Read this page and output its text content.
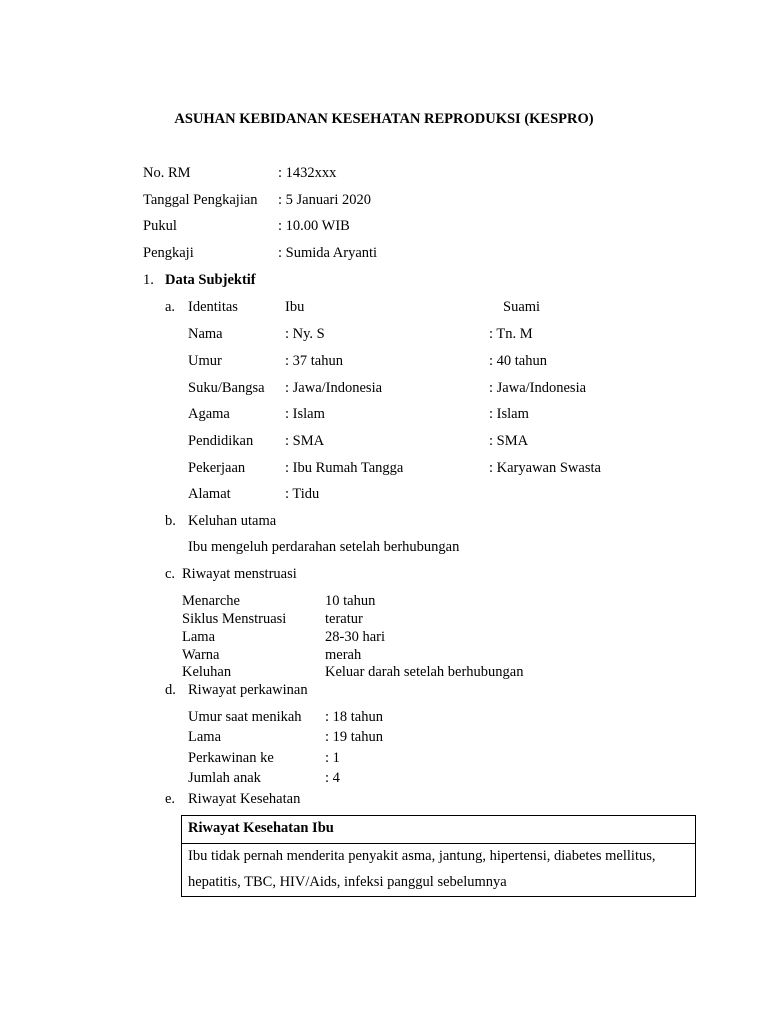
ASUHAN KEBIDANAN KESEHATAN REPRODUKSI (KESPRO)
No. RM	: 1432xxx
Tanggal Pengkajian : 5 Januari 2020
Pukul	: 10.00 WIB
Pengkaji	: Sumida Aryanti
1. Data Subjektif
a. Identitas	Ibu	Suami
Nama	: Ny. S	: Tn. M
Umur	: 37 tahun	: 40 tahun
Suku/Bangsa : Jawa/Indonesia	: Jawa/Indonesia
Agama	: Islam	: Islam
Pendidikan : SMA	: SMA
Pekerjaan	: Ibu Rumah Tangga	: Karyawan Swasta
Alamat	: Tidu
b. Keluhan utama
Ibu mengeluh perdarahan setelah berhubungan
c. Riwayat menstruasi
Menarche	10 tahun
Siklus Menstruasi	teratur
Lama	28-30 hari
Warna	merah
Keluhan	Keluar darah setelah berhubungan
d. Riwayat perkawinan
Umur saat menikah : 18 tahun
Lama	: 19 tahun
Perkawinan ke	: 1
Jumlah anak	: 4
e. Riwayat Kesehatan
Riwayat Kesehatan Ibu
Ibu tidak pernah menderita penyakit asma, jantung, hipertensi, diabetes mellitus,
hepatitis, TBC, HIV/Aids, infeksi panggul sebelumnya
